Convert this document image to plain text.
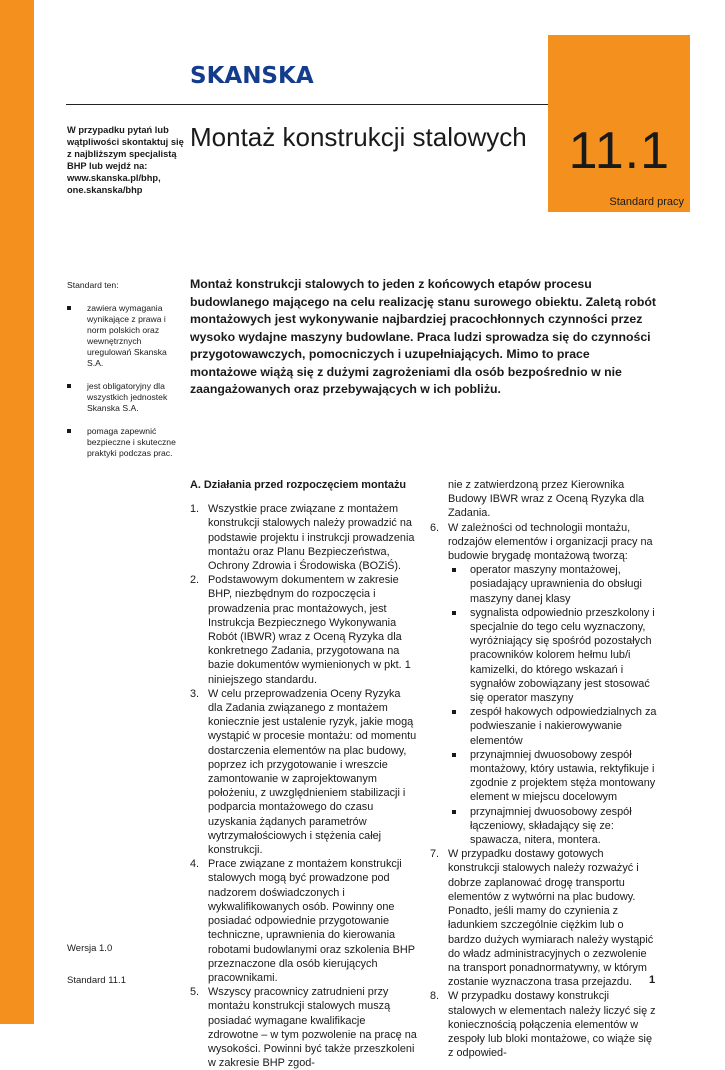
SKANSKA
11.1
Standard pracy
W przypadku pytań lub wątpliwości skontaktuj się z najbliższym specjalistą BHP lub wejdź na: www.skanska.pl/bhp, one.skanska/bhp
Montaż konstrukcji stalowych
Standard ten:
zawiera wymagania wynikające z prawa i norm polskich oraz wewnętrznych uregulowań Skanska S.A.
jest obligatoryjny dla wszystkich jednostek Skanska S.A.
pomaga zapewnić bezpieczne i skuteczne praktyki podczas prac.
Montaż konstrukcji stalowych to jeden z końcowych etapów procesu budowlanego mającego na celu realizację stanu surowego obiektu. Zaletą robót montażowych jest wykonywanie najbardziej pracochłonnych czynności przez wysoko wydajne maszyny budowlane. Praca ludzi sprowadza się do czynności przygotowawczych, pomocniczych i uzupełniających. Mimo to prace montażowe wiążą się z dużymi zagrożeniami dla osób bezpośrednio w nie zaangażowanych oraz przebywających w ich pobliżu.
A. Działania przed rozpoczęciem montażu
1. Wszystkie prace związane z montażem konstrukcji stalowych należy prowadzić na podstawie projektu i instrukcji prowadzenia montażu oraz Planu Bezpieczeństwa, Ochrony Zdrowia i Środowiska (BOZiŚ).
2. Podstawowym dokumentem w zakresie BHP, niezbędnym do rozpoczęcia i prowadzenia prac montażowych, jest Instrukcja Bezpiecznego Wykonywania Robót (IBWR) wraz z Oceną Ryzyka dla konkretnego Zadania, przygotowana na bazie dokumentów wymienionych w pkt. 1 niniejszego standardu.
3. W celu przeprowadzenia Oceny Ryzyka dla Zadania związanego z montażem koniecznie jest ustalenie ryzyk, jakie mogą wystąpić w procesie montażu: od momentu dostarczenia elementów na plac budowy, poprzez ich przygotowanie i wreszcie zamontowanie w zaprojektowanym położeniu, z uwzględnieniem stabilizacji i podparcia montażowego do czasu uzyskania żądanych parametrów wytrzymałościowych i stężenia całej konstrukcji.
4. Prace związane z montażem konstrukcji stalowych mogą być prowadzone pod nadzorem doświadczonych i wykwalifikowanych osób. Powinny one posiadać odpowiednie przygotowanie techniczne, uprawnienia do kierowania robotami budowlanymi oraz szkolenia BHP przeznaczone dla osób kierujących pracownikami.
5. Wszyscy pracownicy zatrudnieni przy montażu konstrukcji stalowych muszą posiadać wymagane kwalifikacje zdrowotne – w tym pozwolenie na pracę na wysokości. Powinni być także przeszkoleni w zakresie BHP zgod-
nie z zatwierdzoną przez Kierownika Budowy IBWR wraz z Oceną Ryzyka dla Zadania.
6. W zależności od technologii montażu, rodzajów elementów i organizacji pracy na budowie brygadę montażową tworzą:
operator maszyny montażowej, posiadający uprawnienia do obsługi maszyny danej klasy
sygnalista odpowiednio przeszkolony i specjalnie do tego celu wyznaczony, wyróżniający się spośród pozostałych pracowników kolorem hełmu lub/i kamizelki, do którego wskazań i sygnałów zobowiązany jest stosować się operator maszyny
zespół hakowych odpowiedzialnych za podwieszanie i nakierowywanie elementów
przynajmniej dwuosobowy zespół montażowy, który ustawia, rektyfikuje i zgodnie z projektem stęża montowany element w miejscu docelowym
przynajmniej dwuosobowy zespół łączeniowy, składający się ze: spawacza, nitera, montera.
7. W przypadku dostawy gotowych konstrukcji stalowych należy rozważyć i dobrze zaplanować drogę transportu elementów z wytwórni na plac budowy. Ponadto, jeśli mamy do czynienia z ładunkiem szczególnie ciężkim lub o bardzo dużych wymiarach należy wystąpić do władz administracyjnych o zezwolenie na transport ponadnormatywny, w którym zostanie wyznaczona trasa przejazdu.
8. W przypadku dostawy konstrukcji stalowych w elementach należy liczyć się z koniecznością połączenia elementów w zespoły lub bloki montażowe, co wiąże się z odpowied-
Wersja 1.0
Standard 11.1	1
